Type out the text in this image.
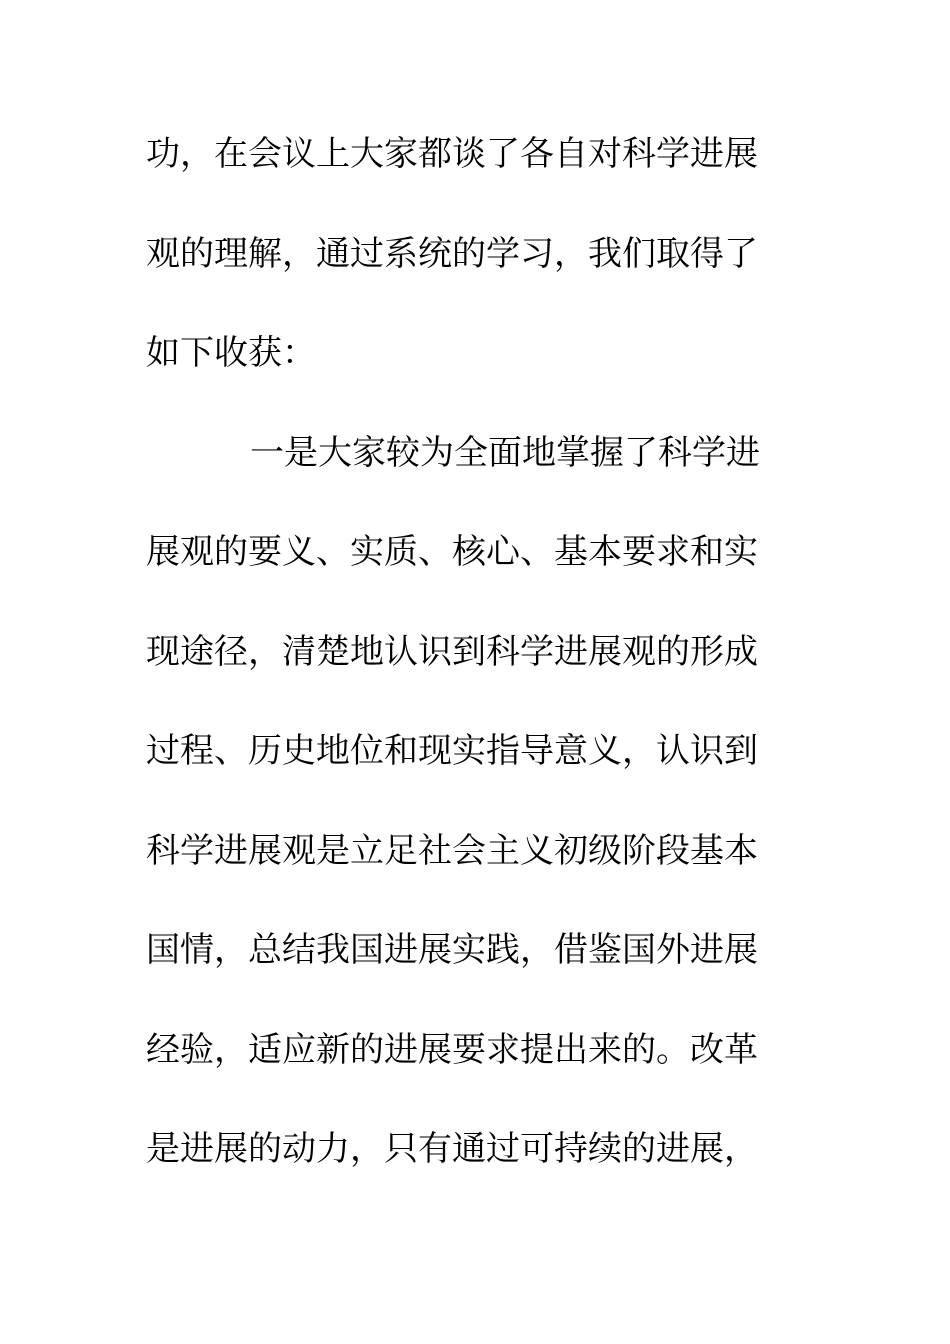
功，在会议上大家都谈了各自对科学进展
观的理解，通过系统的学习，我们取得了
如下收获：
一是大家较为全面地掌握了科学进
展观的要义、实质、核心、基本要求和实
现途径，清楚地认识到科学进展观的形成
过程、历史地位和现实指导意义，认识到
科学进展观是立足社会主义初级阶段基本
国情，总结我国进展实践，借鉴国外进展
经验，适应新的进展要求提出来的。改革
是进展的动力，只有通过可持续的进展，
